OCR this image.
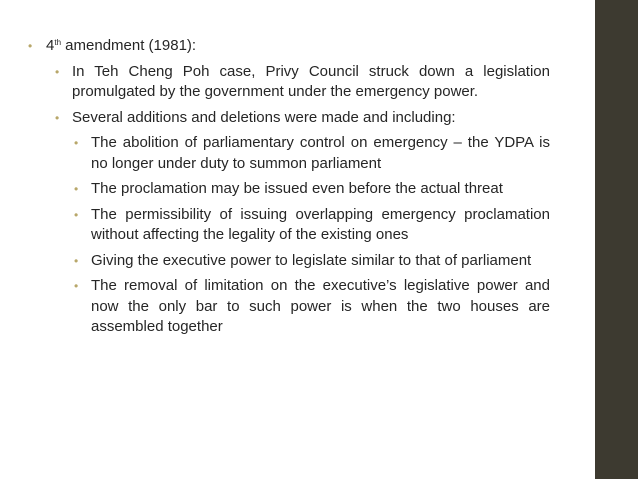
• 4th amendment (1981):
• In Teh Cheng Poh case, Privy Council struck down a legislation promulgated by the government under the emergency power.
• Several additions and deletions were made and including:
• The abolition of parliamentary control on emergency – the YDPA is no longer under duty to summon parliament
• The proclamation may be issued even before the actual threat
• The permissibility of issuing overlapping emergency proclamation without affecting the legality of the existing ones
• Giving the executive power to legislate similar to that of parliament
• The removal of limitation on the executive’s legislative power and now the only bar to such power is when the two houses are assembled together
